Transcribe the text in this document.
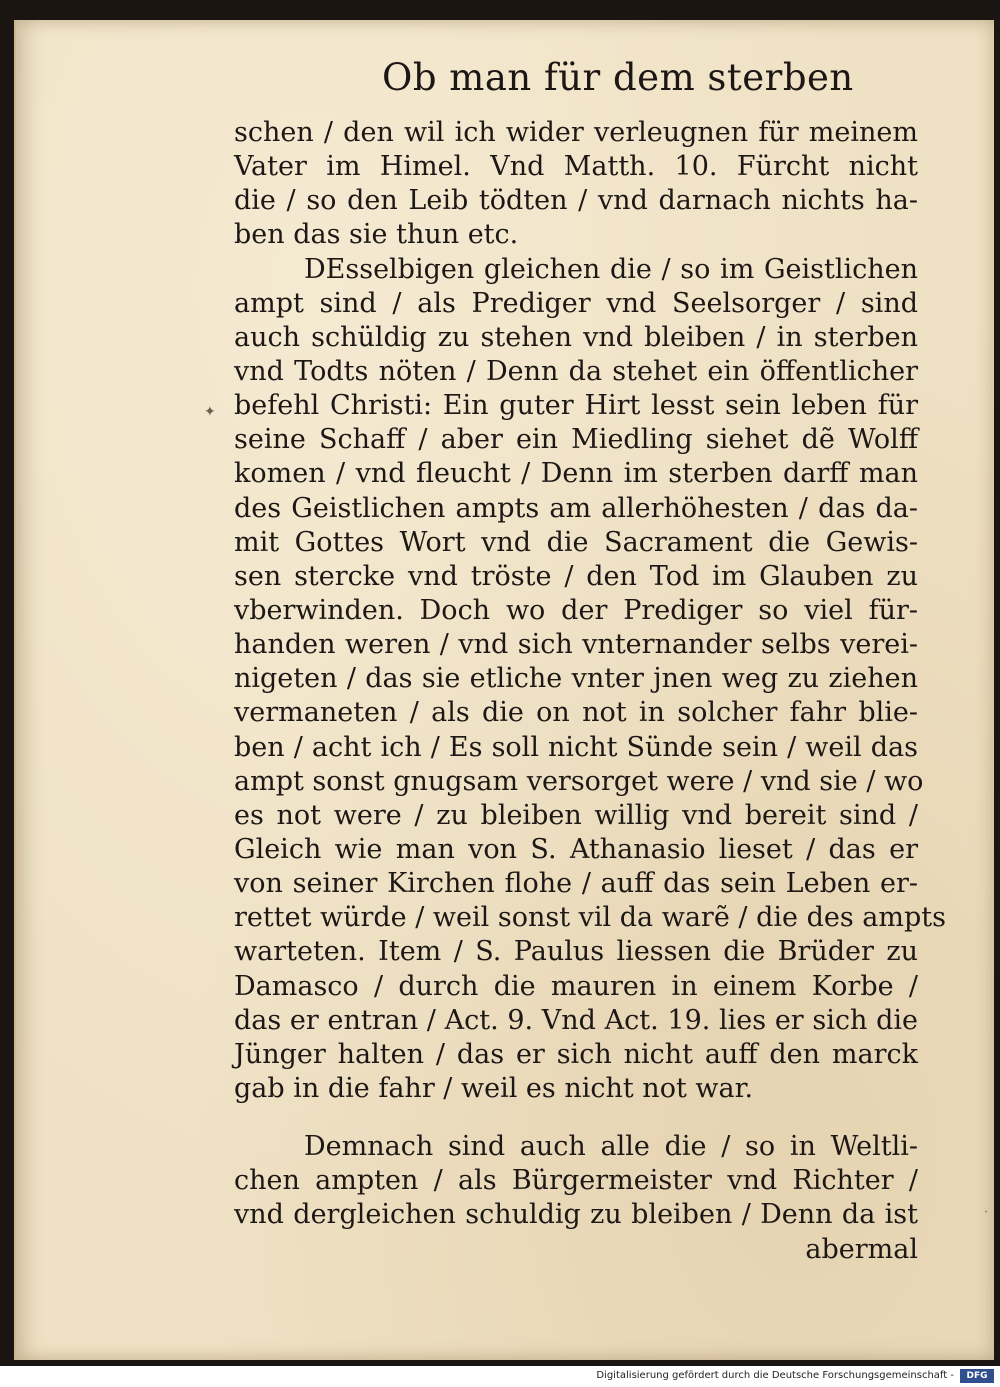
Ob man für dem sterben
✦
˙
schen / den wil ich wider verleugnen für meinem
Vater im Himel. Vnd Matth. 10. Fürcht nicht
die / so den Leib tödten / vnd darnach nichts ha-
ben das sie thun etc.
DEsselbigen gleichen die / so im Geistlichen
ampt sind / als Prediger vnd Seelsorger / sind
auch schüldig zu stehen vnd bleiben / in sterben
vnd Todts nöten / Denn da stehet ein öffentlicher
befehl Christi: Ein guter Hirt lesst sein leben für
seine Schaff / aber ein Miedling siehet dẽ Wolff
komen / vnd fleucht / Denn im sterben darff man
des Geistlichen ampts am allerhöhesten / das da-
mit Gottes Wort vnd die Sacrament die Gewis-
sen stercke vnd tröste / den Tod im Glauben zu
vberwinden. Doch wo der Prediger so viel für-
handen weren / vnd sich vnternander selbs verei-
nigeten / das sie etliche vnter jnen weg zu ziehen
vermaneten / als die on not in solcher fahr blie-
ben / acht ich / Es soll nicht Sünde sein / weil das
ampt sonst gnugsam versorget were / vnd sie / wo
es not were / zu bleiben willig vnd bereit sind /
Gleich wie man von S. Athanasio lieset / das er
von seiner Kirchen flohe / auff das sein Leben er-
rettet würde / weil sonst vil da warẽ / die des ampts
warteten. Item / S. Paulus liessen die Brüder zu
Damasco / durch die mauren in einem Korbe /
das er entran / Act. 9. Vnd Act. 19. lies er sich die
Jünger halten / das er sich nicht auff den marck
gab in die fahr / weil es nicht not war.
Demnach sind auch alle die / so in Weltli-
chen ampten / als Bürgermeister vnd Richter /
vnd dergleichen schuldig zu bleiben / Denn da ist
abermal
Digitalisierung gefördert durch die Deutsche Forschungsgemeinschaft -	DFG
